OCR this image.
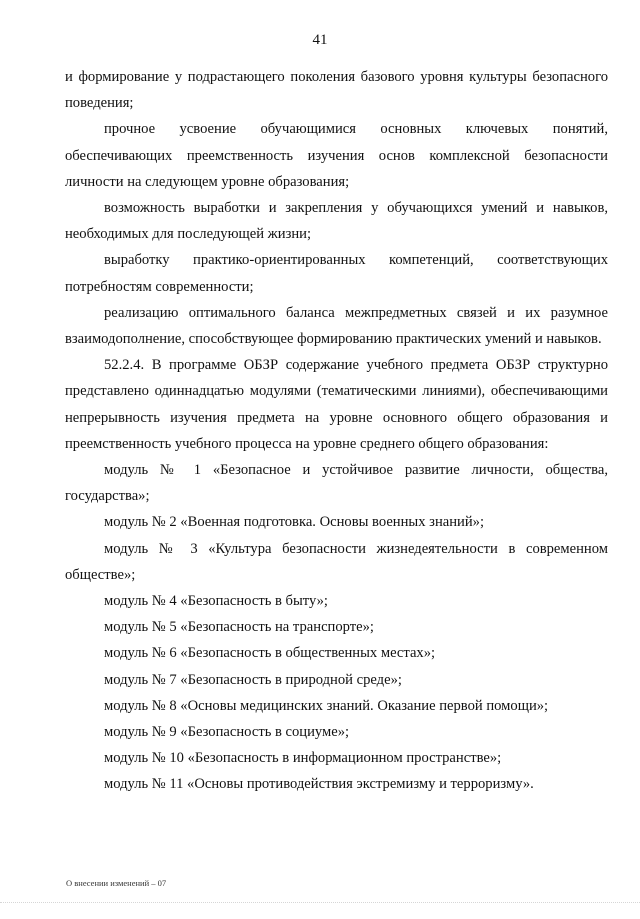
41

и формирование у подрастающего поколения базового уровня культуры безопасного поведения;

прочное усвоение обучающимися основных ключевых понятий, обеспечивающих преемственность изучения основ комплексной безопасности личности на следующем уровне образования;

возможность выработки и закрепления у обучающихся умений и навыков, необходимых для последующей жизни;

выработку практико-ориентированных компетенций, соответствующих потребностям современности;

реализацию оптимального баланса межпредметных связей и их разумное взаимодополнение, способствующее формированию практических умений и навыков.

52.2.4. В программе ОБЗР содержание учебного предмета ОБЗР структурно представлено одиннадцатью модулями (тематическими линиями), обеспечивающими непрерывность изучения предмета на уровне основного общего образования и преемственность учебного процесса на уровне среднего общего образования:

модуль № 1 «Безопасное и устойчивое развитие личности, общества, государства»;

модуль № 2 «Военная подготовка. Основы военных знаний»;

модуль № 3 «Культура безопасности жизнедеятельности в современном обществе»;

модуль № 4 «Безопасность в быту»;

модуль № 5 «Безопасность на транспорте»;

модуль № 6 «Безопасность в общественных местах»;

модуль № 7 «Безопасность в природной среде»;

модуль № 8 «Основы медицинских знаний. Оказание первой помощи»;

модуль № 9 «Безопасность в социуме»;

модуль № 10 «Безопасность в информационном пространстве»;

модуль № 11 «Основы противодействия экстремизму и терроризму».

О внесении изменений – 07
